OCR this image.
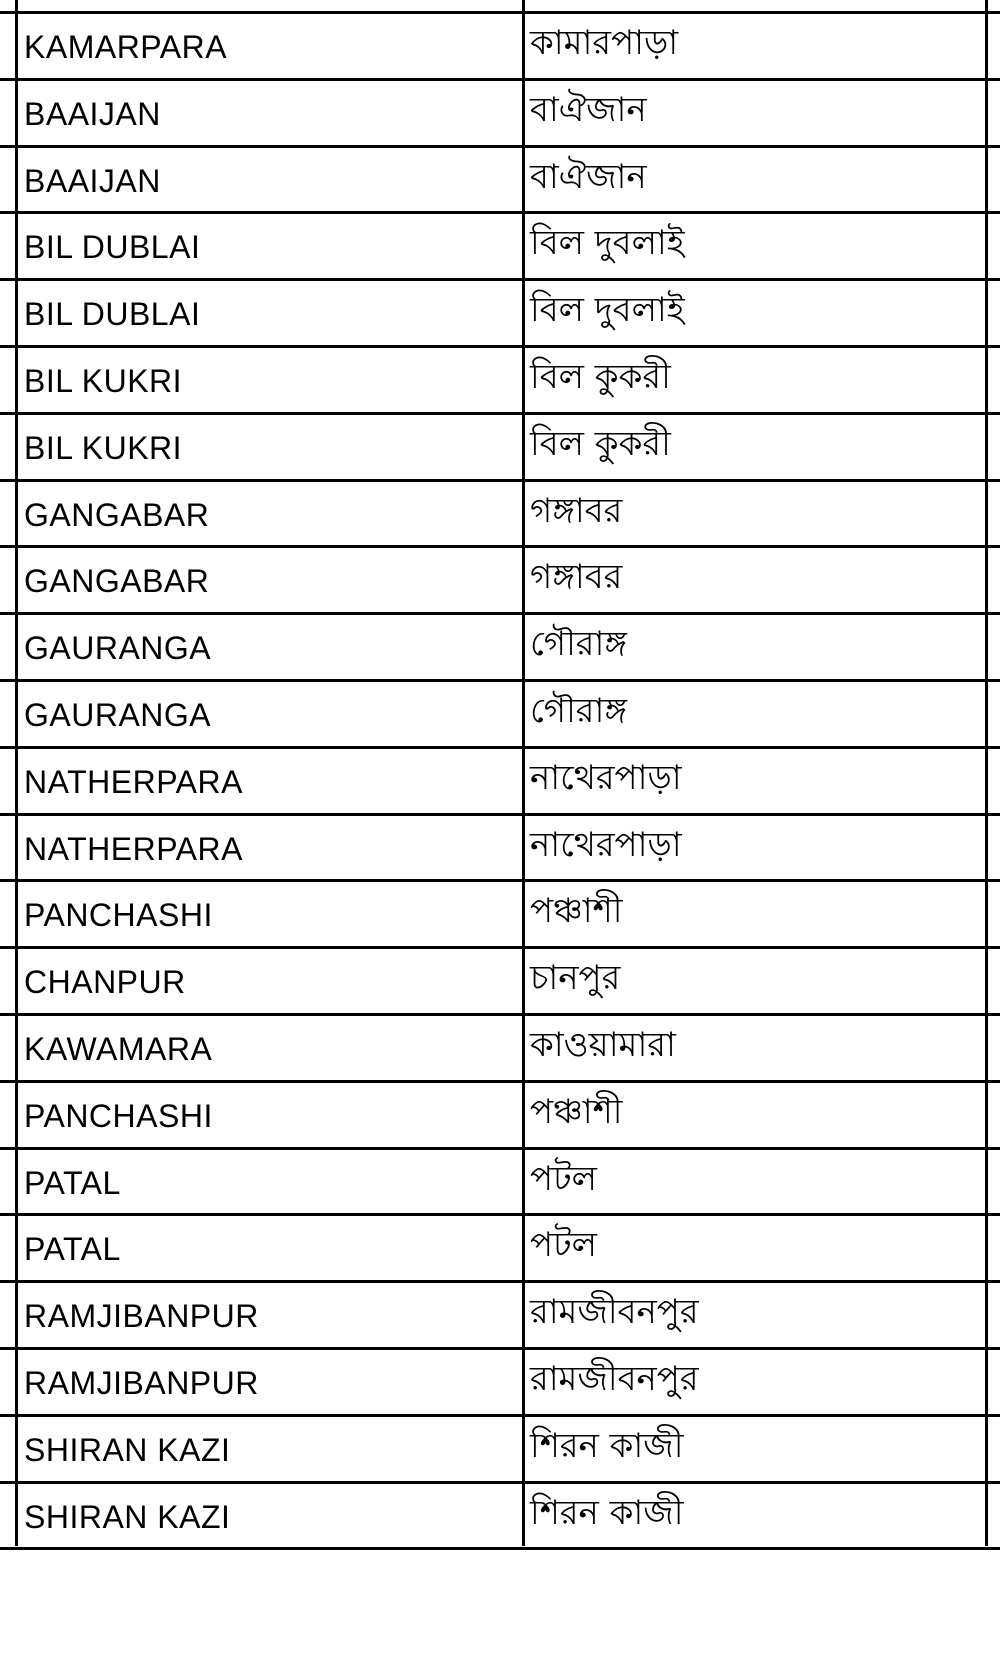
KAMARPARA	কামারপাড়া
BAAIJAN	বাঐজান
BAAIJAN	বাঐজান
BIL DUBLAI	বিল দুবলাই
BIL DUBLAI	বিল দুবলাই
BIL KUKRI	বিল কুকরী
BIL KUKRI	বিল কুকরী
GANGABAR	গঙ্গাবর
GANGABAR	গঙ্গাবর
GAURANGA	গৌরাঙ্গ
GAURANGA	গৌরাঙ্গ
NATHERPARA	নাথেরপাড়া
NATHERPARA	নাথেরপাড়া
PANCHASHI	পঞ্চাশী
CHANPUR	চানপুর
KAWAMARA	কাওয়ামারা
PANCHASHI	পঞ্চাশী
PATAL	পটল
PATAL	পটল
RAMJIBANPUR	রামজীবনপুর
RAMJIBANPUR	রামজীবনপুর
SHIRAN KAZI	শিরন কাজী
SHIRAN KAZI	শিরন কাজী
